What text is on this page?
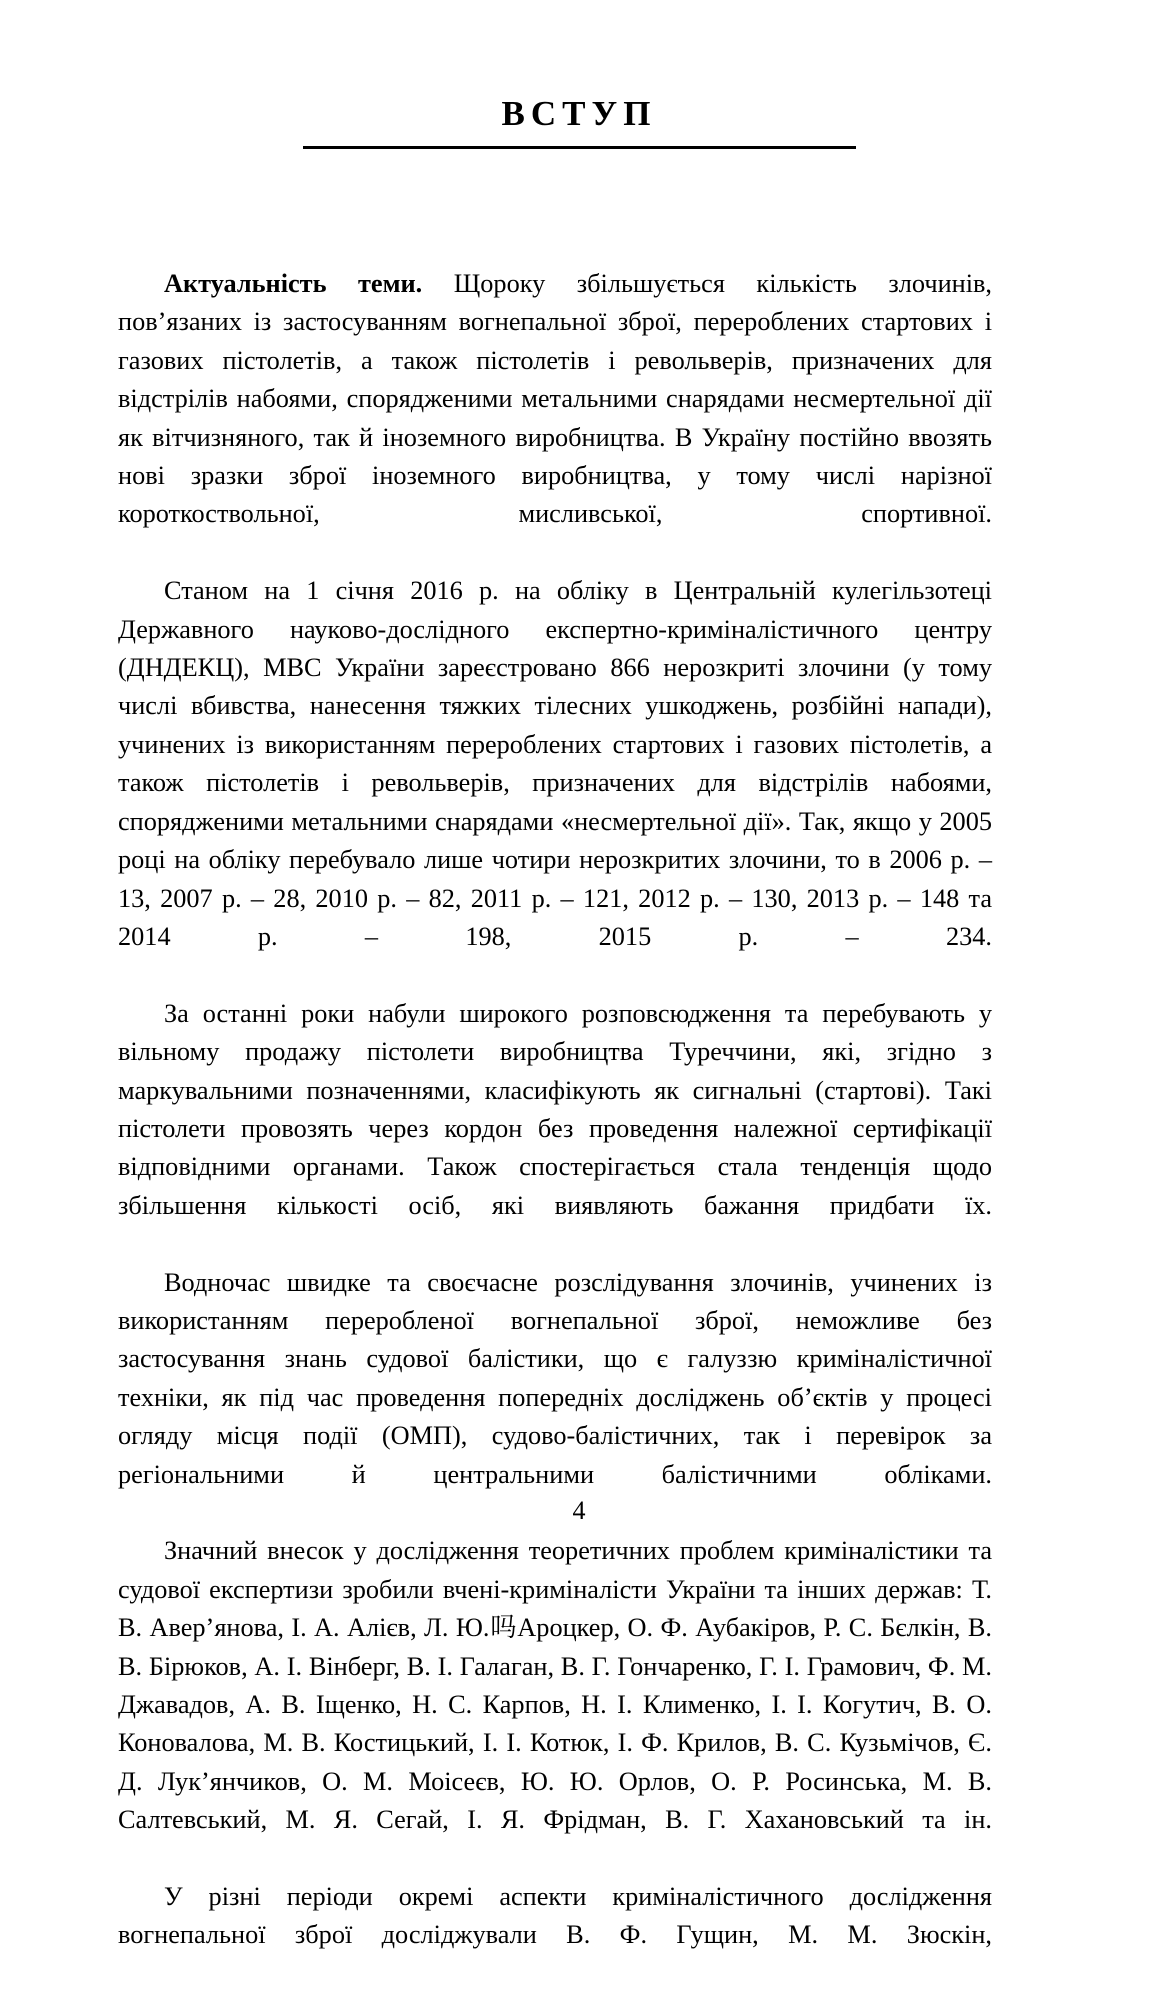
ВСТУП

Актуальність теми. Щороку збільшується кількість злочинів, пов’язаних із застосуванням вогнепальної зброї, перероблених стартових і газових пістолетів, а також пістолетів і револьверів, призначених для відстрілів набоями, спорядженими метальними снарядами несмертельної дії як вітчизняного, так й іноземного виробництва. В Україну постійно ввозять нові зразки зброї іноземного виробництва, у тому числі нарізної короткоствольної, мисливської, спортивної.

Станом на 1 січня 2016 р. на обліку в Центральній кулегільзотеці Державного науково-дослідного експертно-криміналістичного центру (ДНДЕКЦ), МВС України зареєстровано 866 нерозкриті злочини (у тому числі вбивства, нанесення тяжких тілесних ушкоджень, розбійні напади), учинених із використанням перероблених стартових і газових пістолетів, а також пістолетів і револьверів, призначених для відстрілів набоями, спорядженими метальними снарядами «несмертельної дії». Так, якщо у 2005 році на обліку перебувало лише чотири нерозкритих злочини, то в 2006 р. – 13, 2007 р. – 28, 2010 р. – 82, 2011 р. – 121, 2012 р. – 130, 2013 р. – 148 та 2014 р. – 198, 2015 р. – 234.

За останні роки набули широкого розповсюдження та перебувають у вільному продажу пістолети виробництва Туреччини, які, згідно з маркувальними позначеннями, класифікують як сигнальні (стартові). Такі пістолети провозять через кордон без проведення належної сертифікації відповідними органами. Також спостерігається стала тенденція щодо збільшення кількості осіб, які виявляють бажання придбати їх.

Водночас швидке та своєчасне розслідування злочинів, учинених із використанням переробленої вогнепальної зброї, неможливе без застосування знань судової балістики, що є галуззю криміналістичної техніки, як під час проведення попередніх досліджень об’єктів у процесі огляду місця події (ОМП), судово-балістичних, так і перевірок за регіональними й центральними балістичними обліками.

Значний внесок у дослідження теоретичних проблем криміналістики та судової експертизи зробили вчені-криміналісти України та інших держав: Т. В. Авер’янова, І. А. Алієв, Л. Ю.吗Ароцкер, О. Ф. Аубакіров, Р. С. Бєлкін, В. В. Бірюков, А. І. Вінберг, В. І. Галаган, В. Г. Гончаренко, Г. І. Грамович, Ф. М. Джавадов, А. В. Іщенко, Н. С. Карпов, Н. І. Клименко, І. І. Когутич, В. О. Коновалова, М. В. Костицький, І. І. Котюк, І. Ф. Крилов, В. С. Кузьмічов, Є. Д. Лук’янчиков, О. М. Моісеєв, Ю. Ю. Орлов, О. Р. Росинська, М. В. Салтевський, М. Я. Сегай, І. Я. Фрідман, В. Г. Хахановський та ін.

У різні періоди окремі аспекти криміналістичного дослідження вогнепальної зброї досліджували В. Ф. Гущин, М. М. Зюскін,

4
